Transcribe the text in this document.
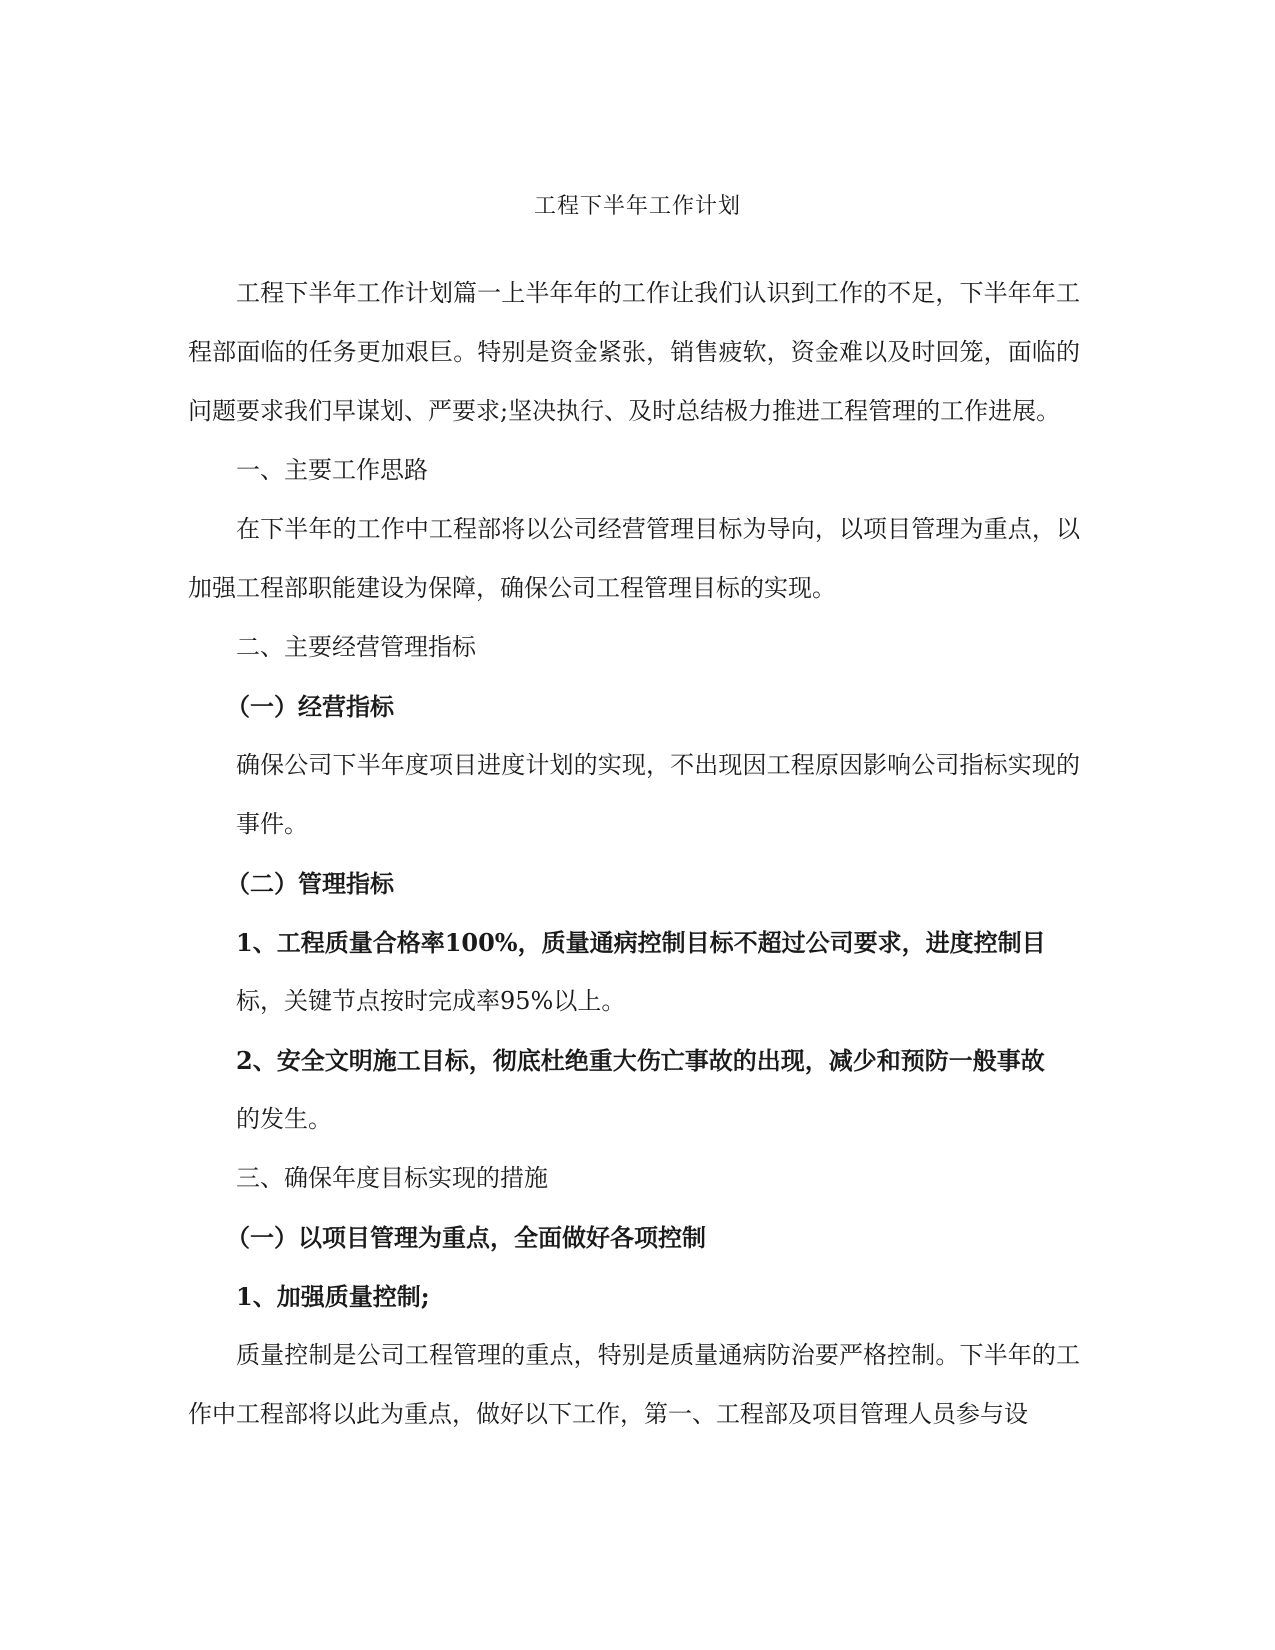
工程下半年工作计划

工程下半年工作计划篇一上半年年的工作让我们认识到工作的不足，下半年年工程部面临的任务更加艰巨。特别是资金紧张，销售疲软，资金难以及时回笼，面临的问题要求我们早谋划、严要求;坚决执行、及时总结极力推进工程管理的工作进展。

一、主要工作思路

在下半年的工作中工程部将以公司经营管理目标为导向，以项目管理为重点，以加强工程部职能建设为保障，确保公司工程管理目标的实现。

二、主要经营管理指标

（一）经营指标

确保公司下半年度项目进度计划的实现，不出现因工程原因影响公司指标实现的事件。

（二）管理指标

1、工程质量合格率100%，质量通病控制目标不超过公司要求，进度控制目

标，关键节点按时完成率95%以上。

2、安全文明施工目标，彻底杜绝重大伤亡事故的出现，减少和预防一般事故

的发生。

三、确保年度目标实现的措施

（一）以项目管理为重点，全面做好各项控制

1、加强质量控制;

质量控制是公司工程管理的重点，特别是质量通病防治要严格控制。下半年的工作中工程部将以此为重点，做好以下工作，第一、工程部及项目管理人员参与设
